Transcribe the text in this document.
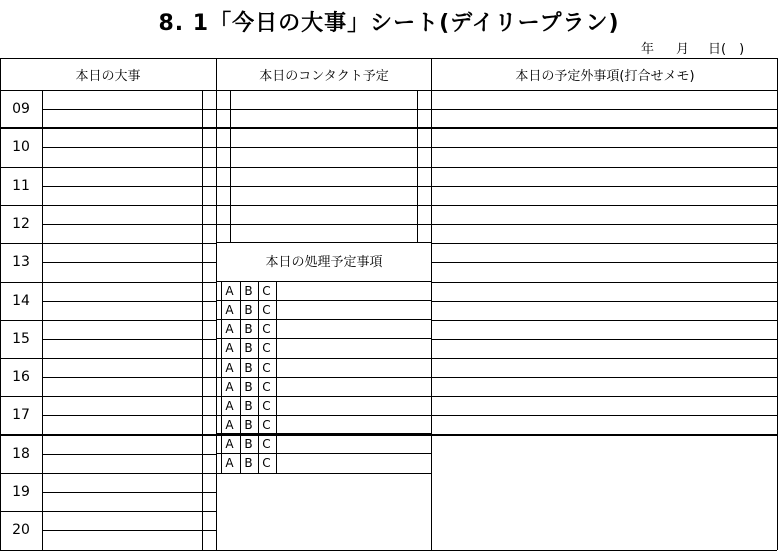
8. 1「今日の大事」シート(デイリープラン)
年 月 日(　)
本日の大事	本日のコンタクト予定	本日の予定外事項(打合せメモ)
本日の処理予定事項
A B C
A B C
A B C
A B C
A B C
A B C
A B C
A B C
A B C
A B C
09
10
11
12
13
14
15
16
17
18
19
20
